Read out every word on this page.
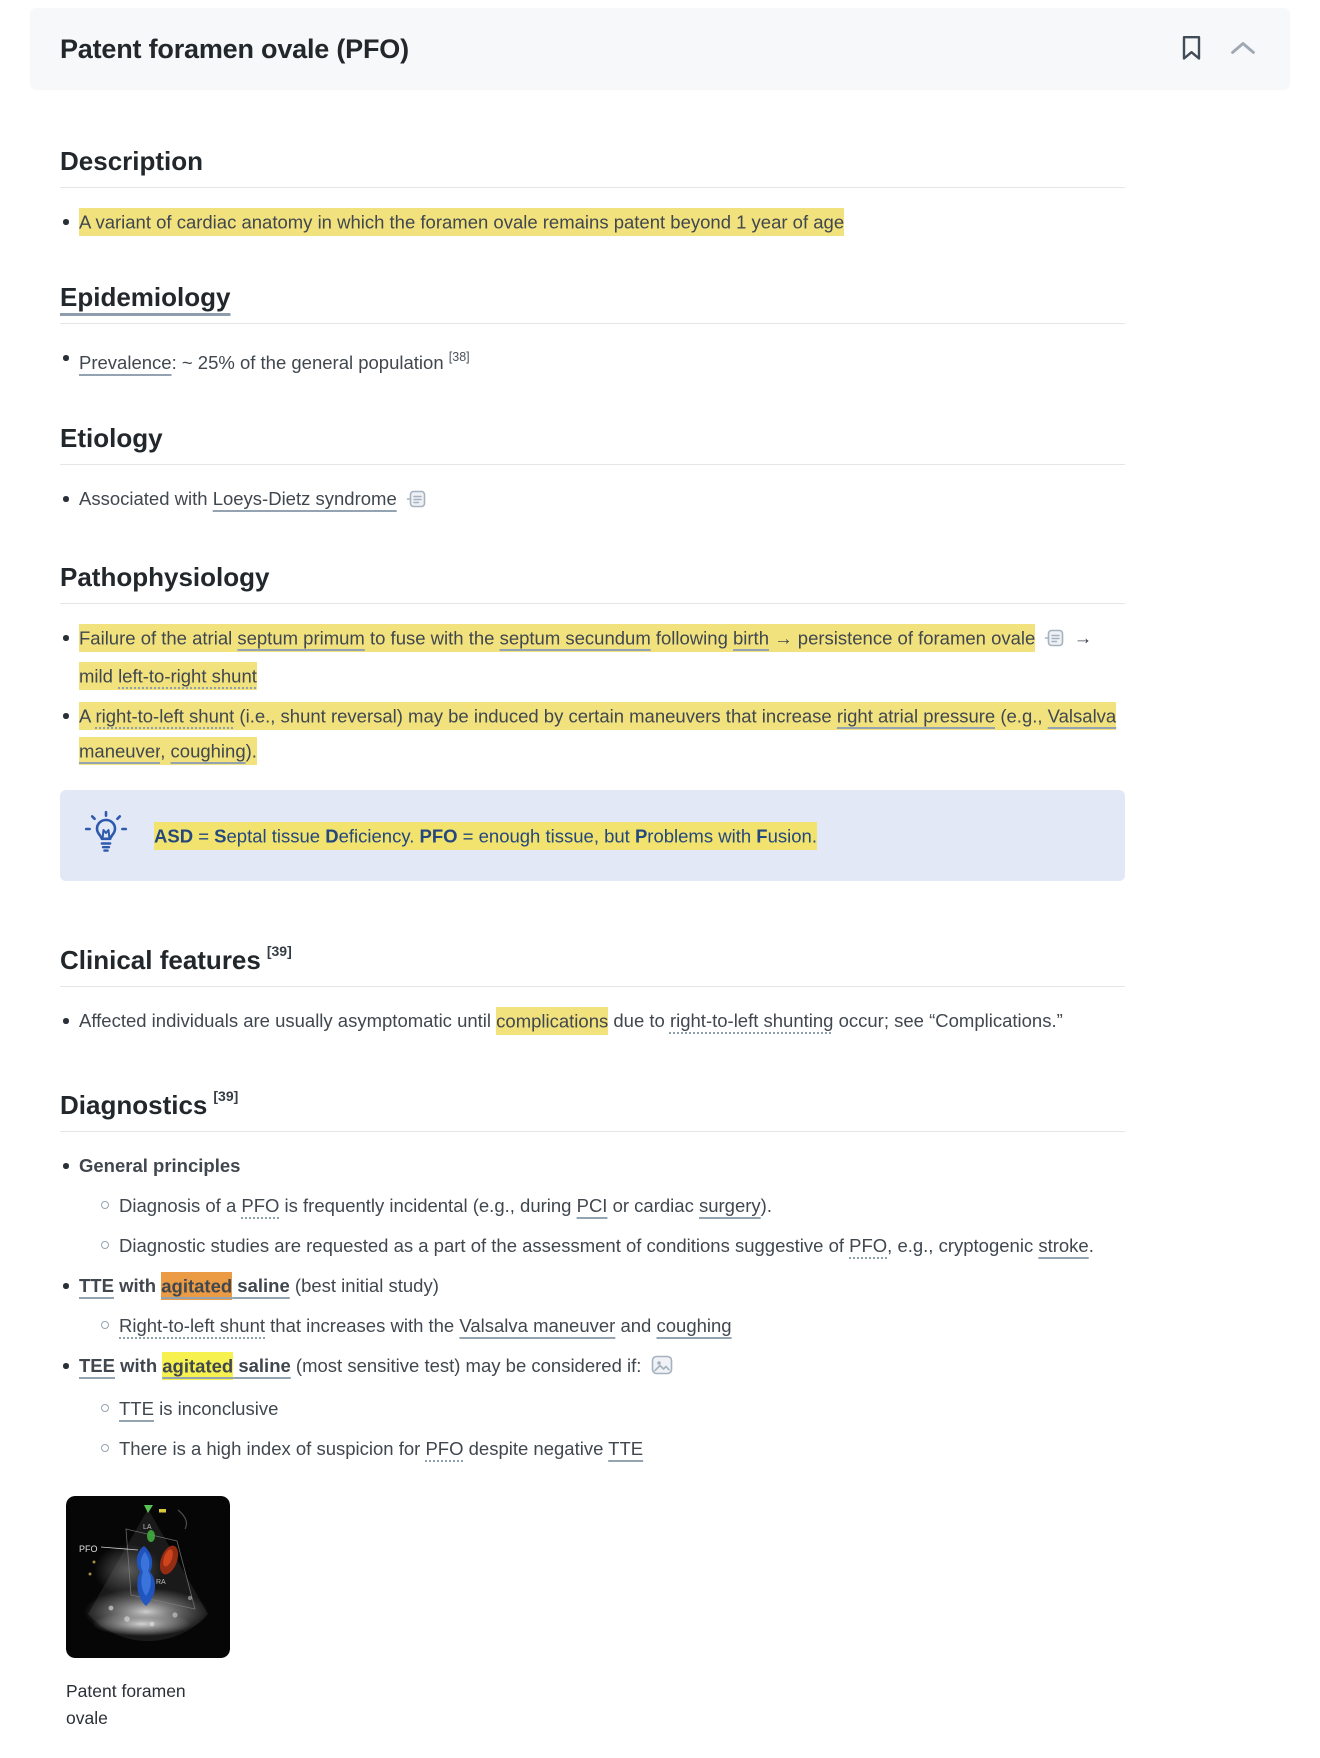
Patent foramen ovale (PFO)
Description
A variant of cardiac anatomy in which the foramen ovale remains patent beyond 1 year of age
Epidemiology
Prevalence: ~ 25% of the general population [38]
Etiology
Associated with Loeys-Dietz syndrome
Pathophysiology
Failure of the atrial septum primum to fuse with the septum secundum following birth → persistence of foramen ovale  → mild left-to-right shunt
A right-to-left shunt (i.e., shunt reversal) may be induced by certain maneuvers that increase right atrial pressure (e.g., Valsalva maneuver, coughing).
ASD = Septal tissue Deficiency. PFO = enough tissue, but Problems with Fusion.
Clinical features [39]
Affected individuals are usually asymptomatic until complications due to right-to-left shunting occur; see “Complications.”
Diagnostics [39]
General principles
Diagnosis of a PFO is frequently incidental (e.g., during PCI or cardiac surgery).
Diagnostic studies are requested as a part of the assessment of conditions suggestive of PFO, e.g., cryptogenic stroke.
TTE with agitated saline (best initial study)
Right-to-left shunt that increases with the Valsalva maneuver and coughing
TEE with agitated saline (most sensitive test) may be considered if:
TTE is inconclusive
There is a high index of suspicion for PFO despite negative TTE
PFO
LA
RA
Patent foramen
ovale
